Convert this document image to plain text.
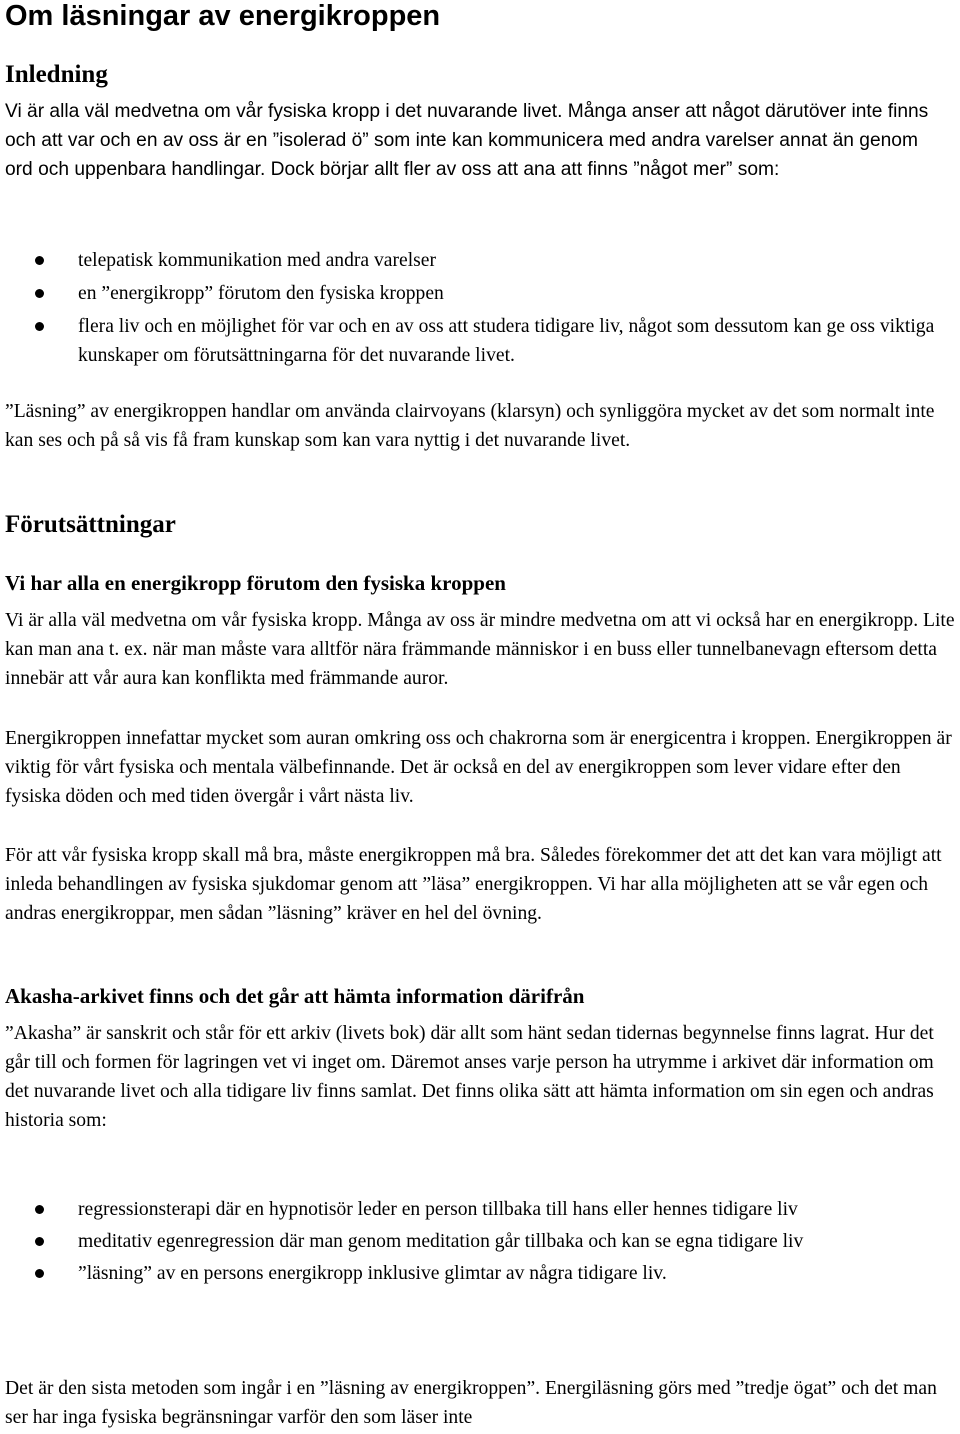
Om läsningar av energikroppen
Inledning

Vi är alla väl medvetna om vår fysiska kropp i det nuvarande livet. Många anser att något därutöver inte finns och att var och en av oss är en ”isolerad ö” som inte kan kommunicera med andra varelser annat än genom ord och uppenbara handlingar. Dock börjar allt fler av oss att ana att finns ”något mer” som:

telepatisk kommunikation med andra varelser
en ”energikropp” förutom den fysiska kroppen
flera liv och en möjlighet för var och en av oss att studera tidigare liv, något som dessutom kan ge oss viktiga kunskaper om förutsättningarna för det nuvarande livet.

”Läsning” av energikroppen handlar om använda clairvoyans (klarsyn) och synliggöra mycket av det som normalt inte kan ses och på så vis få fram kunskap som kan vara nyttig i det nuvarande livet.

Förutsättningar
Vi har alla en energikropp förutom den fysiska kroppen

Vi är alla väl medvetna om vår fysiska kropp. Många av oss är mindre medvetna om att vi också har en energikropp. Lite kan man ana t. ex. när man måste vara alltför nära främmande människor i en buss eller tunnelbanevagn eftersom detta innebär att vår aura kan konflikta med främmande auror.

Energikroppen innefattar mycket som auran omkring oss och chakrorna som är energicentra i kroppen. Energikroppen är viktig för vårt fysiska och mentala välbefinnande. Det är också en del av energikroppen som lever vidare efter den fysiska döden och med tiden övergår i vårt nästa liv.

För att vår fysiska kropp skall må bra, måste energikroppen må bra. Således förekommer det att det kan vara möjligt att inleda behandlingen av fysiska sjukdomar genom att ”läsa” energikroppen. Vi har alla möjligheten att se vår egen och andras energikroppar, men sådan ”läsning” kräver en hel del övning.

Akasha-arkivet finns och det går att hämta information därifrån

”Akasha” är sanskrit och står för ett arkiv (livets bok) där allt som hänt sedan tidernas begynnelse finns lagrat. Hur det går till och formen för lagringen vet vi inget om. Däremot anses varje person ha utrymme i arkivet där information om det nuvarande livet och alla tidigare liv finns samlat. Det finns olika sätt att hämta information om sin egen och andras historia som:

regressionsterapi där en hypnotisör leder en person tillbaka till hans eller hennes tidigare liv
meditativ egenregression där man genom meditation går tillbaka och kan se egna tidigare liv
”läsning” av en persons energikropp inklusive glimtar av några tidigare liv.

Det är den sista metoden som ingår i en ”läsning av energikroppen”. Energiläsning görs med ”tredje ögat” och det man ser har inga fysiska begränsningar varför den som läser inte
